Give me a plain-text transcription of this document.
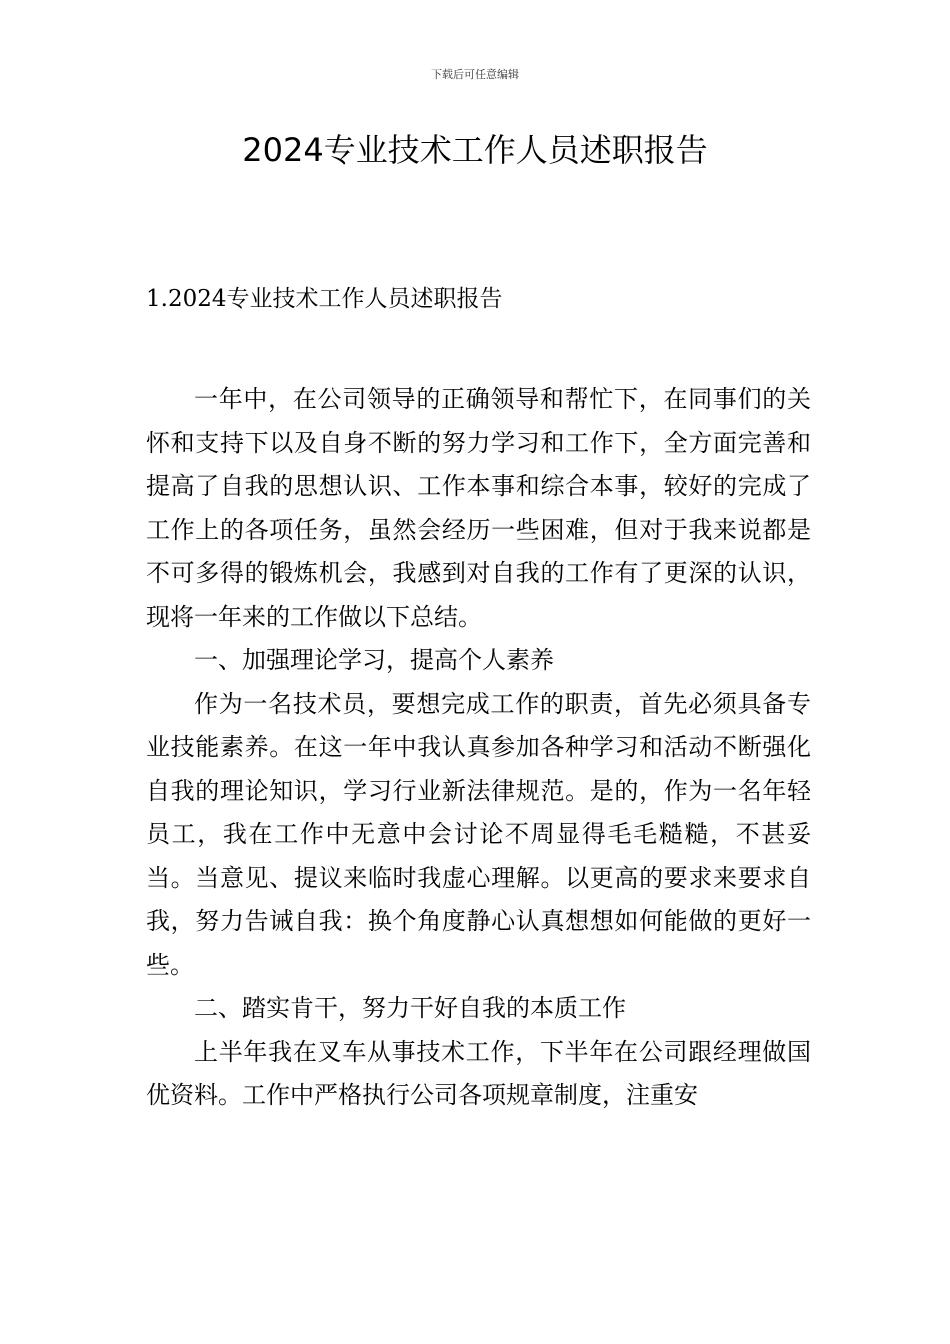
下载后可任意编辑
2024专业技术工作人员述职报告
1.2024专业技术工作人员述职报告

一年中，在公司领导的正确领导和帮忙下，在同事们的关怀和支持下以及自身不断的努力学习和工作下，全方面完善和提高了自我的思想认识、工作本事和综合本事，较好的完成了工作上的各项任务，虽然会经历一些困难，但对于我来说都是不可多得的锻炼机会，我感到对自我的工作有了更深的认识，现将一年来的工作做以下总结。

一、加强理论学习，提高个人素养

作为一名技术员，要想完成工作的职责，首先必须具备专业技能素养。在这一年中我认真参加各种学习和活动不断强化自我的理论知识，学习行业新法律规范。是的，作为一名年轻员工，我在工作中无意中会讨论不周显得毛毛糙糙，不甚妥当。当意见、提议来临时我虚心理解。以更高的要求来要求自我，努力告诫自我：换个角度静心认真想想如何能做的更好一些。

二、踏实肯干，努力干好自我的本质工作

上半年我在叉车从事技术工作，下半年在公司跟经理做国优资料。工作中严格执行公司各项规章制度，注重安
